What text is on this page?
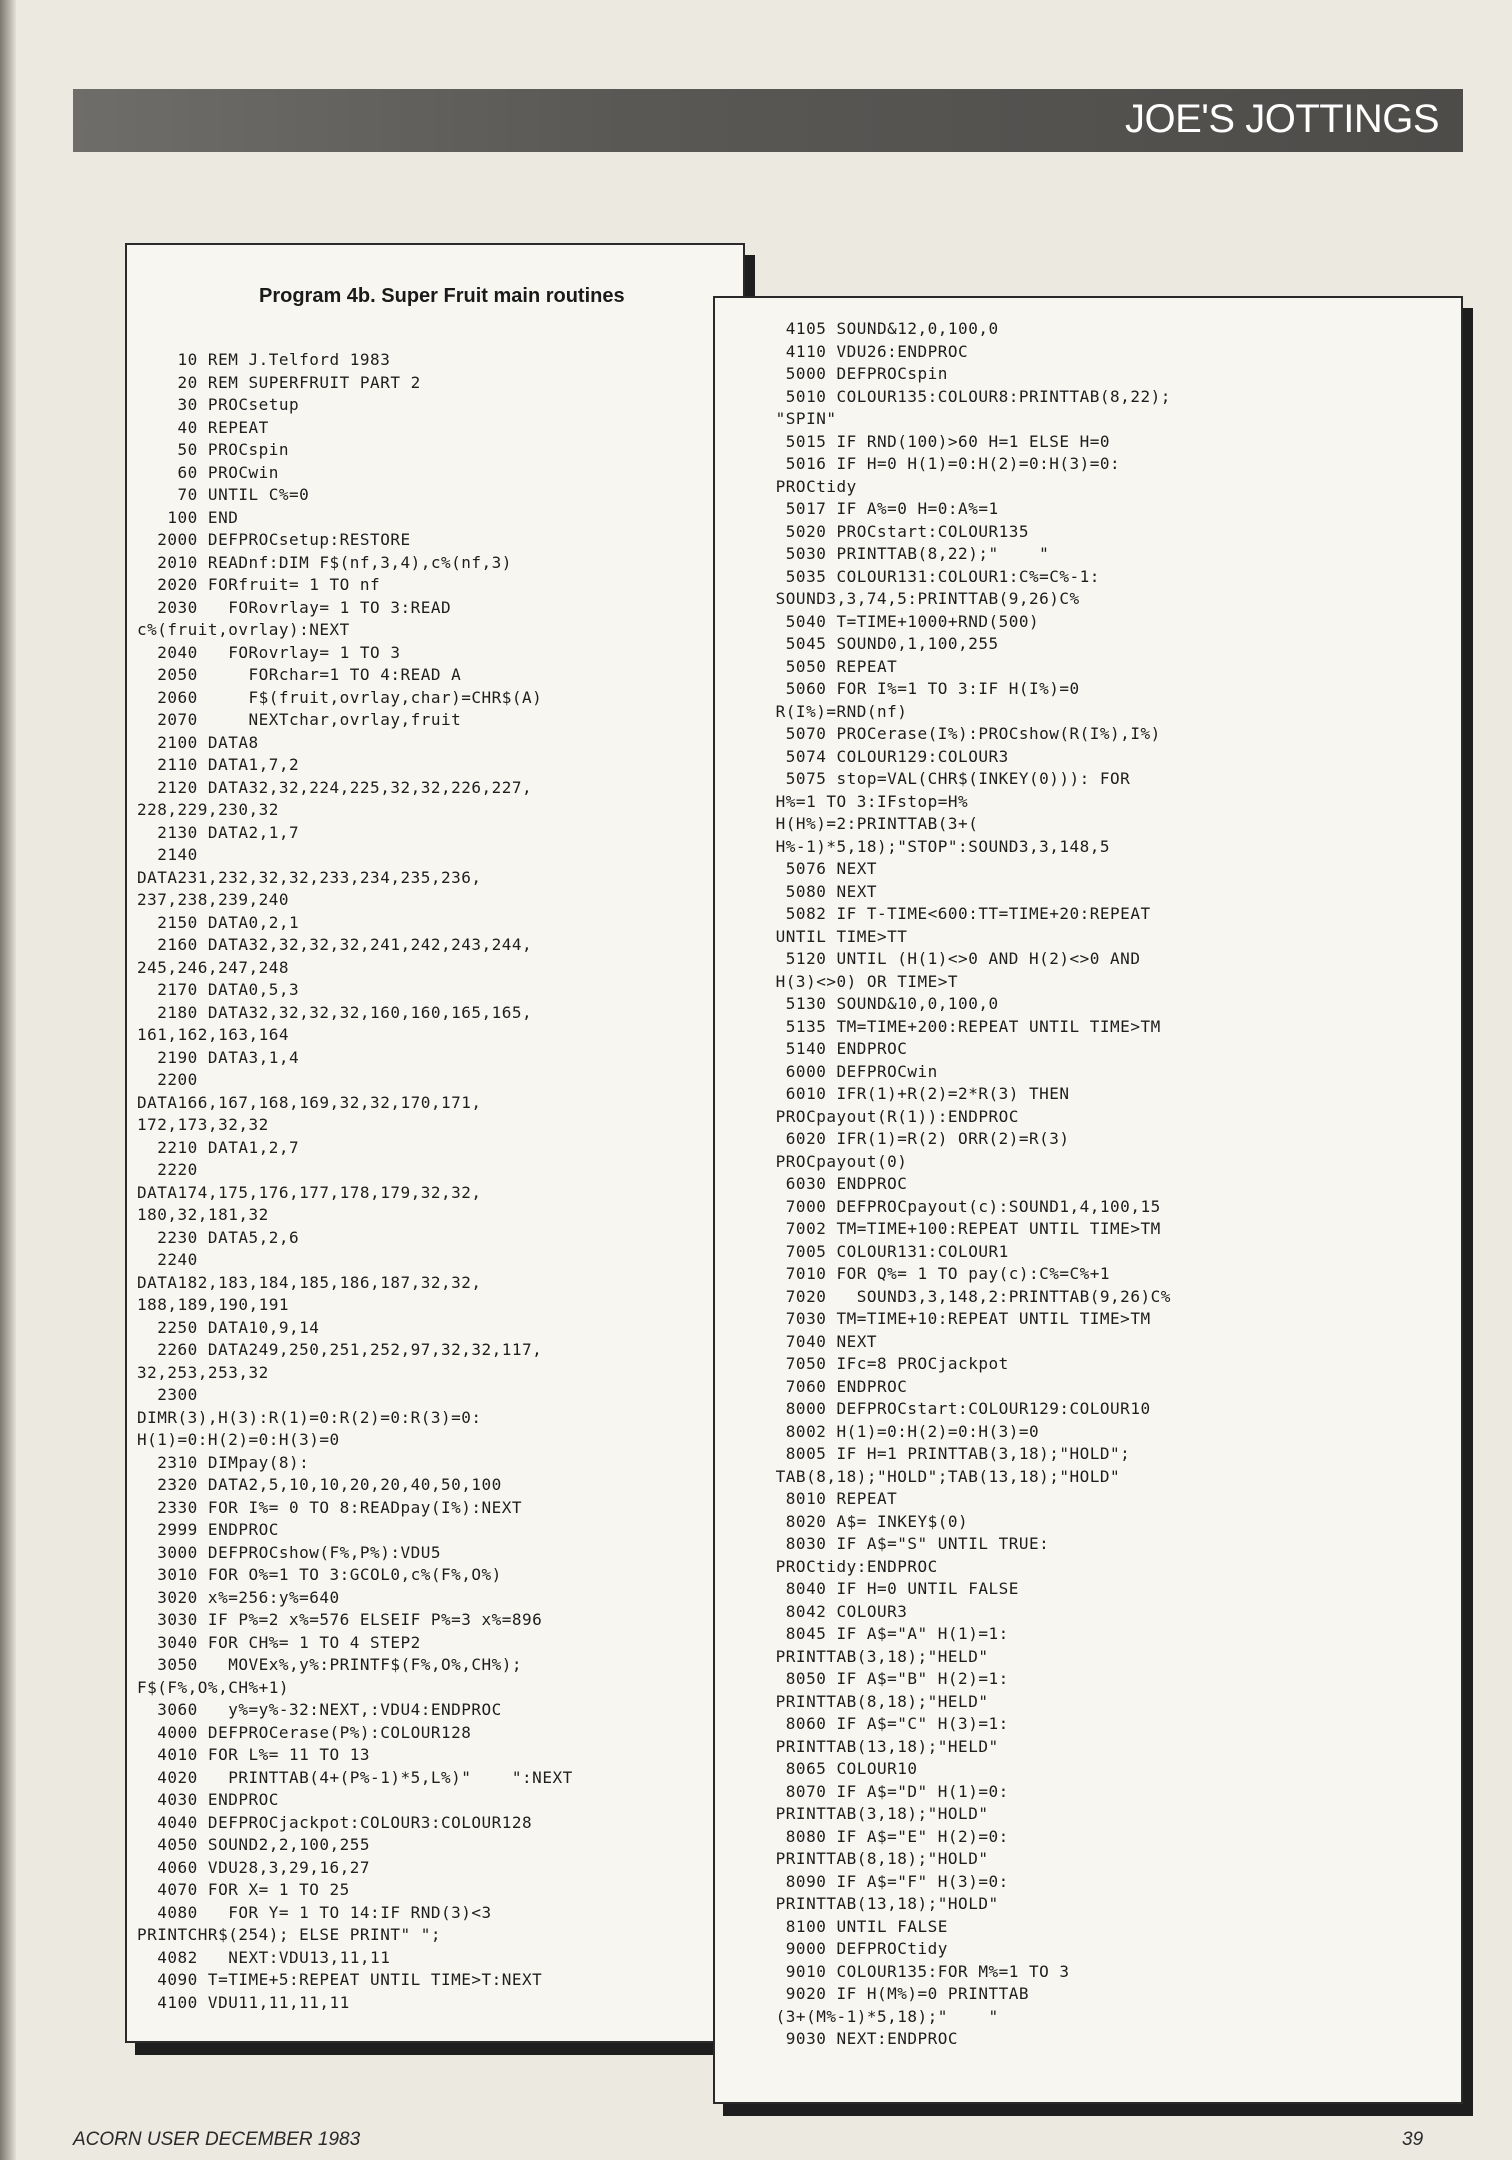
JOE'S JOTTINGS
Program 4b. Super Fruit main routines
10 REM J.Telford 1983
20 REM SUPERFRUIT PART 2
30 PROCsetup
40 REPEAT
50 PROCspin
60 PROCwin
70 UNTIL C%=0
100 END
2000 DEFPROCsetup:RESTORE
2010 READnf:DIM F$(nf,3,4),c%(nf,3)
2020 FORfruit= 1 TO nf
2030   FORovrlay= 1 TO 3:READ
c%(fruit,ovrlay):NEXT
2040   FORovrlay= 1 TO 3
2050     FORchar=1 TO 4:READ A
2060     F$(fruit,ovrlay,char)=CHR$(A)
2070     NEXTchar,ovrlay,fruit
2100 DATA8
2110 DATA1,7,2
2120 DATA32,32,224,225,32,32,226,227,
228,229,230,32
2130 DATA2,1,7
2140
DATA231,232,32,32,233,234,235,236,
237,238,239,240
2150 DATA0,2,1
2160 DATA32,32,32,32,241,242,243,244,
245,246,247,248
2170 DATA0,5,3
2180 DATA32,32,32,32,160,160,165,165,
161,162,163,164
2190 DATA3,1,4
2200
DATA166,167,168,169,32,32,170,171,
172,173,32,32
2210 DATA1,2,7
2220
DATA174,175,176,177,178,179,32,32,
180,32,181,32
2230 DATA5,2,6
2240
DATA182,183,184,185,186,187,32,32,
188,189,190,191
2250 DATA10,9,14
2260 DATA249,250,251,252,97,32,32,117,
32,253,253,32
2300
DIMR(3),H(3):R(1)=0:R(2)=0:R(3)=0:
H(1)=0:H(2)=0:H(3)=0
2310 DIMpay(8):
2320 DATA2,5,10,10,20,20,40,50,100
2330 FOR I%= 0 TO 8:READpay(I%):NEXT
2999 ENDPROC
3000 DEFPROCshow(F%,P%):VDU5
3010 FOR O%=1 TO 3:GCOL0,c%(F%,O%)
3020 x%=256:y%=640
3030 IF P%=2 x%=576 ELSEIF P%=3 x%=896
3040 FOR CH%= 1 TO 4 STEP2
3050   MOVEx%,y%:PRINTF$(F%,O%,CH%);
F$(F%,O%,CH%+1)
3060   y%=y%-32:NEXT,:VDU4:ENDPROC
4000 DEFPROCerase(P%):COLOUR128
4010 FOR L%= 11 TO 13
4020   PRINTTAB(4+(P%-1)*5,L%)"    ":NEXT
4030 ENDPROC
4040 DEFPROCjackpot:COLOUR3:COLOUR128
4050 SOUND2,2,100,255
4060 VDU28,3,29,16,27
4070 FOR X= 1 TO 25
4080   FOR Y= 1 TO 14:IF RND(3)<3
PRINTCHR$(254); ELSE PRINT" ";
4082   NEXT:VDU13,11,11
4090 T=TIME+5:REPEAT UNTIL TIME>T:NEXT
4100 VDU11,11,11,11
4105 SOUND&12,0,100,0
4110 VDU26:ENDPROC
5000 DEFPROCspin
5010 COLOUR135:COLOUR8:PRINTTAB(8,22);
"SPIN"
5015 IF RND(100)>60 H=1 ELSE H=0
5016 IF H=0 H(1)=0:H(2)=0:H(3)=0:
PROCtidy
5017 IF A%=0 H=0:A%=1
5020 PROCstart:COLOUR135
5030 PRINTTAB(8,22);"    "
5035 COLOUR131:COLOUR1:C%=C%-1:
SOUND3,3,74,5:PRINTTAB(9,26)C%
5040 T=TIME+1000+RND(500)
5045 SOUND0,1,100,255
5050 REPEAT
5060 FOR I%=1 TO 3:IF H(I%)=0
R(I%)=RND(nf)
5070 PROCerase(I%):PROCshow(R(I%),I%)
5074 COLOUR129:COLOUR3
5075 stop=VAL(CHR$(INKEY(0))): FOR
H%=1 TO 3:IFstop=H%
H(H%)=2:PRINTTAB(3+(
H%-1)*5,18);"STOP":SOUND3,3,148,5
5076 NEXT
5080 NEXT
5082 IF T-TIME<600:TT=TIME+20:REPEAT
UNTIL TIME>TT
5120 UNTIL (H(1)<>0 AND H(2)<>0 AND
H(3)<>0) OR TIME>T
5130 SOUND&10,0,100,0
5135 TM=TIME+200:REPEAT UNTIL TIME>TM
5140 ENDPROC
6000 DEFPROCwin
6010 IFR(1)+R(2)=2*R(3) THEN
PROCpayout(R(1)):ENDPROC
6020 IFR(1)=R(2) ORR(2)=R(3)
PROCpayout(0)
6030 ENDPROC
7000 DEFPROCpayout(c):SOUND1,4,100,15
7002 TM=TIME+100:REPEAT UNTIL TIME>TM
7005 COLOUR131:COLOUR1
7010 FOR Q%= 1 TO pay(c):C%=C%+1
7020   SOUND3,3,148,2:PRINTTAB(9,26)C%
7030 TM=TIME+10:REPEAT UNTIL TIME>TM
7040 NEXT
7050 IFc=8 PROCjackpot
7060 ENDPROC
8000 DEFPROCstart:COLOUR129:COLOUR10
8002 H(1)=0:H(2)=0:H(3)=0
8005 IF H=1 PRINTTAB(3,18);"HOLD";
TAB(8,18);"HOLD";TAB(13,18);"HOLD"
8010 REPEAT
8020 A$= INKEY$(0)
8030 IF A$="S" UNTIL TRUE:
PROCtidy:ENDPROC
8040 IF H=0 UNTIL FALSE
8042 COLOUR3
8045 IF A$="A" H(1)=1:
PRINTTAB(3,18);"HELD"
8050 IF A$="B" H(2)=1:
PRINTTAB(8,18);"HELD"
8060 IF A$="C" H(3)=1:
PRINTTAB(13,18);"HELD"
8065 COLOUR10
8070 IF A$="D" H(1)=0:
PRINTTAB(3,18);"HOLD"
8080 IF A$="E" H(2)=0:
PRINTTAB(8,18);"HOLD"
8090 IF A$="F" H(3)=0:
PRINTTAB(13,18);"HOLD"
8100 UNTIL FALSE
9000 DEFPROCtidy
9010 COLOUR135:FOR M%=1 TO 3
9020 IF H(M%)=0 PRINTTAB
(3+(M%-1)*5,18);"    "
9030 NEXT:ENDPROC
ACORN USER DECEMBER 1983	39
